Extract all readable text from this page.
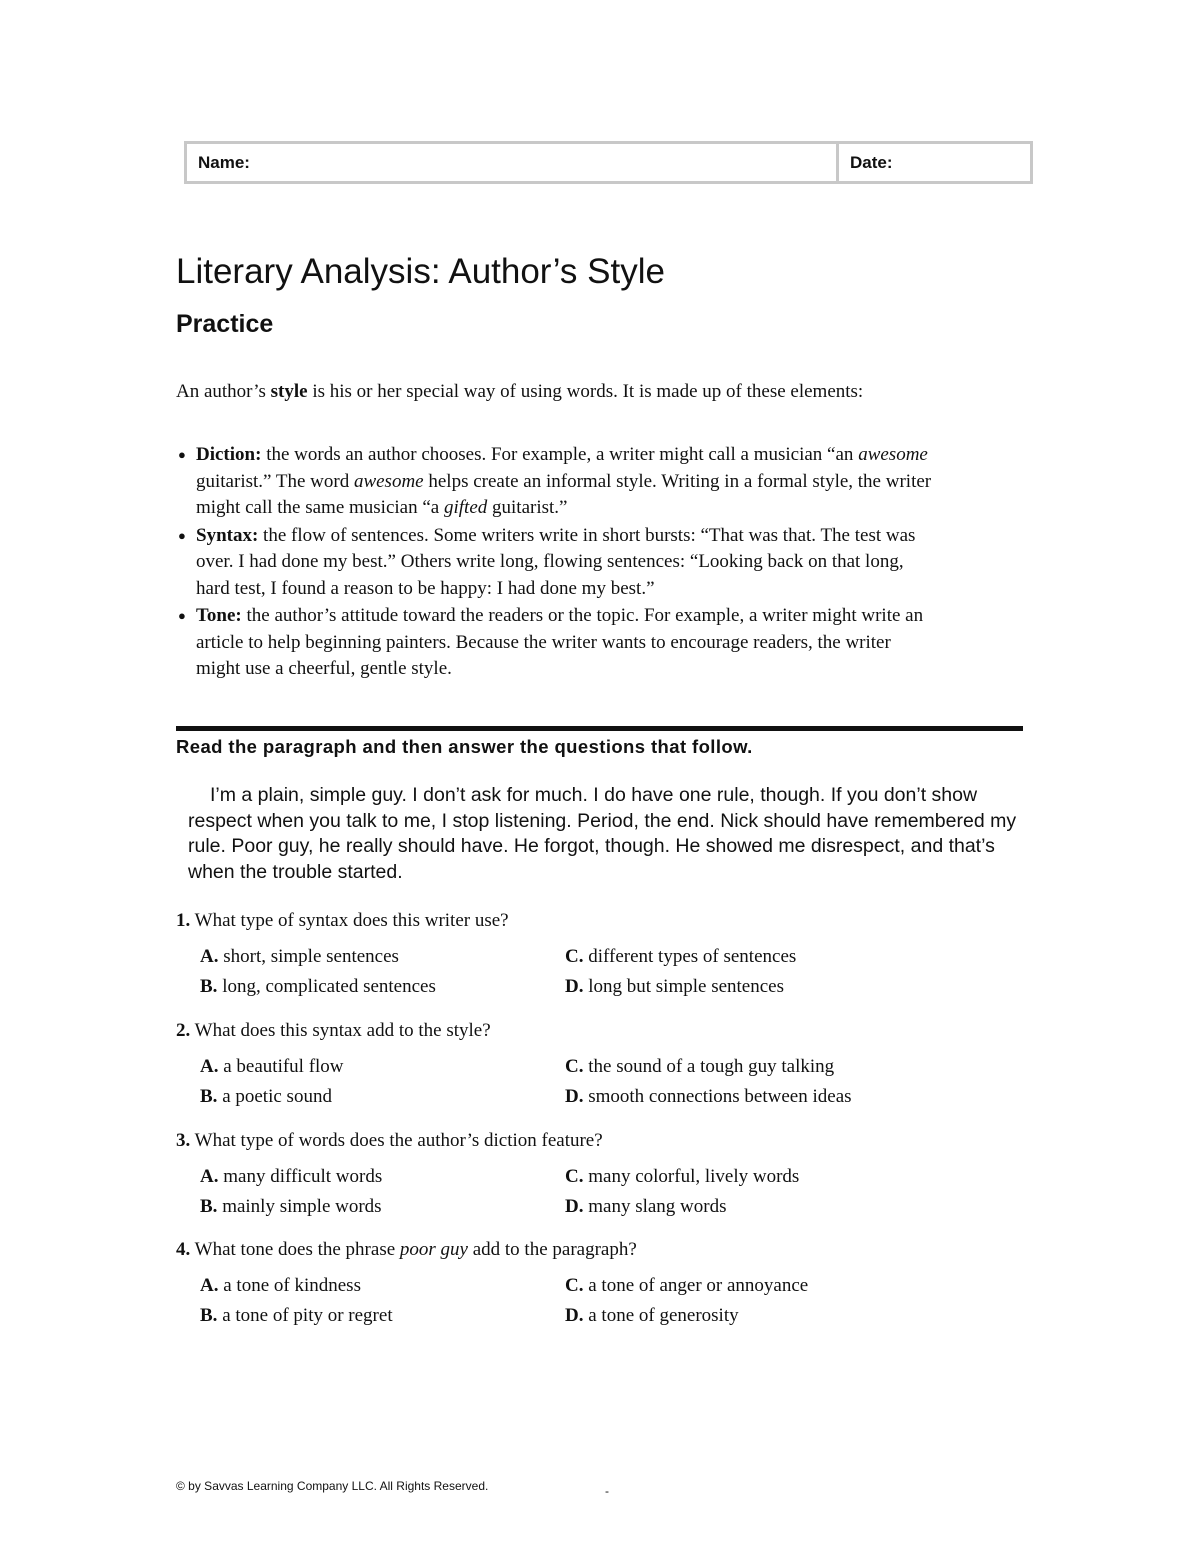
Name:	Date:
Literary Analysis: Author’s Style
Practice

An author’s style is his or her special way of using words. It is made up of these elements:

● Diction: the words an author chooses. For example, a writer might call a musician “an awesome guitarist.” The word awesome helps create an informal style. Writing in a formal style, the writer might call the same musician “a gifted guitarist.”
● Syntax: the flow of sentences. Some writers write in short bursts: “That was that. The test was over. I had done my best.” Others write long, flowing sentences: “Looking back on that long, hard test, I found a reason to be happy: I had done my best.”
● Tone: the author’s attitude toward the readers or the topic. For example, a writer might write an article to help beginning painters. Because the writer wants to encourage readers, the writer might use a cheerful, gentle style.

Read the paragraph and then answer the questions that follow.

I’m a plain, simple guy. I don’t ask for much. I do have one rule, though. If you don’t show respect when you talk to me, I stop listening. Period, the end. Nick should have remembered my rule. Poor guy, he really should have. He forgot, though. He showed me disrespect, and that’s when the trouble started.

1. What type of syntax does this writer use?

A. short, simple sentences	C. different types of sentences
B. long, complicated sentences	D. long but simple sentences

2. What does this syntax add to the style?

A. a beautiful flow	C. the sound of a tough guy talking
B. a poetic sound	D. smooth connections between ideas

3. What type of words does the author’s diction feature?

A. many difficult words	C. many colorful, lively words
B. mainly simple words	D. many slang words

4. What tone does the phrase poor guy add to the paragraph?

A. a tone of kindness	C. a tone of anger or annoyance
B. a tone of pity or regret	D. a tone of generosity
© by Savvas Learning Company LLC. All Rights Reserved.	-
